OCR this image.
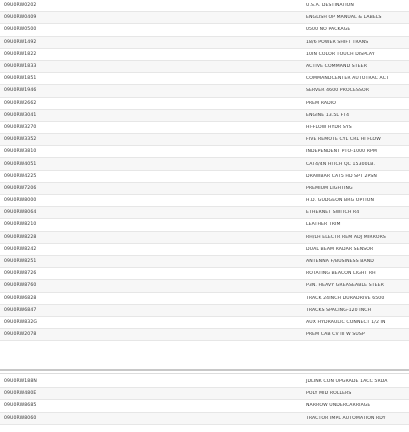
09U0RW0202	U.S.A. DESTINATION
09U0RW0409	ENGLISH OP MANUAL & LABELS
09U0RW0500	0500 NO PACKAGE
09U0RW1492	18/6 POWER SHIFT TRANS
09U0RW1822	10IN COLOR TOUCH DISPLAY
09U0RW1833	ACTIVE COMMAND STEER
09U0RW1851	COMMANDCENTER AUTOTRAC ACT
09U0RW1946	SERVER 4600 PROCESSOR
09U0RW2662	PREM RADIO
09U0RW3041	ENGINE 13.5L FT4
09U0RW3270	HI-FLOW HYDR SYS
09U0RW3352	FIVE REMOTE CYL CRL HI FLOW
09U0RW3810	INDEPENDENT PTO-1000 RPM
09U0RW4051	CAT4/4N HITCH QC 15300LB.
09U0RW4225	DRAWBAR CAT5 HD SPT 2PSN
09U0RW7206	PREMIUM LIGHTING
09U0RW8000	H.D. GUDGEON BRG OPTION
09U0RW8064	ETHERNET SWITCH R4
09U0RW8210	LEATHER TRIM
09U0RW8228	RH/LH ELECTR REM ADJ MIRRORS
09U0RW8242	DUAL BEAM RADAR SENSOR
09U0RW8251	ANTENNA F/BUSINESS BAND
09U0RW8726	ROTATING BEACON LIGHT RH
09U0RW8760	P3N. HEAVY GREASEABLE STEER
09U0RW6828	TRACK 24INCH DURADRIVE 6500
09U0RW6847	TRACKS SPACING-120 INCH
09U0RW832G	AUX HYDRAULIC CONNECT 1/2 IN
09U0RW2078	PREM CAB CV III W SUSP
09U0RW188N	JDLINK CON UPGRADE 1ACC 5RDA
09U0RW480E	POLY MID ROLLERS
09U0RW8685	NARROW UNDERCARRIAGE
09U0RW8060	TRACTOR IMPL AUTOMATION RDY
